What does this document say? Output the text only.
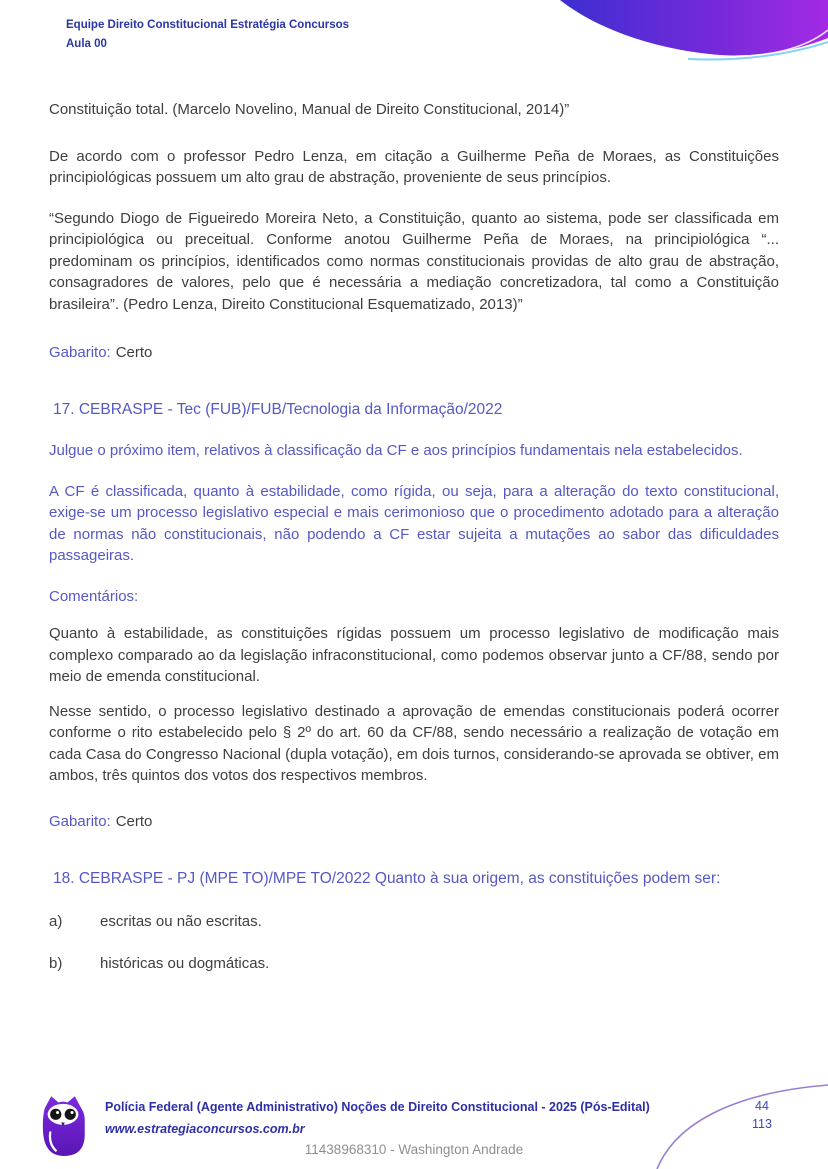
Equipe Direito Constitucional Estratégia Concursos
Aula 00

Constituição total. (Marcelo Novelino, Manual de Direito Constitucional, 2014)”

De acordo com o professor Pedro Lenza, em citação a Guilherme Peña de Moraes, as Constituições principiológicas possuem um alto grau de abstração, proveniente de seus princípios.

“Segundo Diogo de Figueiredo Moreira Neto, a Constituição, quanto ao sistema, pode ser classificada em principiológica ou preceitual. Conforme anotou Guilherme Peña de Moraes, na principiológica “... predominam os princípios, identificados como normas constitucionais providas de alto grau de abstração, consagradores de valores, pelo que é necessária a mediação concretizadora, tal como a Constituição brasileira”. (Pedro Lenza, Direito Constitucional Esquematizado, 2013)”

Gabarito: Certo

17. CEBRASPE - Tec (FUB)/FUB/Tecnologia da Informação/2022

Julgue o próximo item, relativos à classificação da CF e aos princípios fundamentais nela estabelecidos.

A CF é classificada, quanto à estabilidade, como rígida, ou seja, para a alteração do texto constitucional, exige-se um processo legislativo especial e mais cerimonioso que o procedimento adotado para a alteração de normas não constitucionais, não podendo a CF estar sujeita a mutações ao sabor das dificuldades passageiras.

Comentários:

Quanto à estabilidade, as constituições rígidas possuem um processo legislativo de modificação mais complexo comparado ao da legislação infraconstitucional, como podemos observar junto a CF/88, sendo por meio de emenda constitucional.

Nesse sentido, o processo legislativo destinado a aprovação de emendas constitucionais poderá ocorrer conforme o rito estabelecido pelo § 2º do art. 60 da CF/88, sendo necessário a realização de votação em cada Casa do Congresso Nacional (dupla votação), em dois turnos, considerando-se aprovada se obtiver, em ambos, três quintos dos votos dos respectivos membros.

Gabarito: Certo

18. CEBRASPE - PJ (MPE TO)/MPE TO/2022 Quanto à sua origem, as constituições podem ser:
a)	escritas ou não escritas.
b)	históricas ou dogmáticas.
Polícia Federal (Agente Administrativo) Noções de Direito Constitucional - 2025 (Pós-Edital)
www.estrategiaconcursos.com.br
44
113
11438968310 - Washington Andrade
